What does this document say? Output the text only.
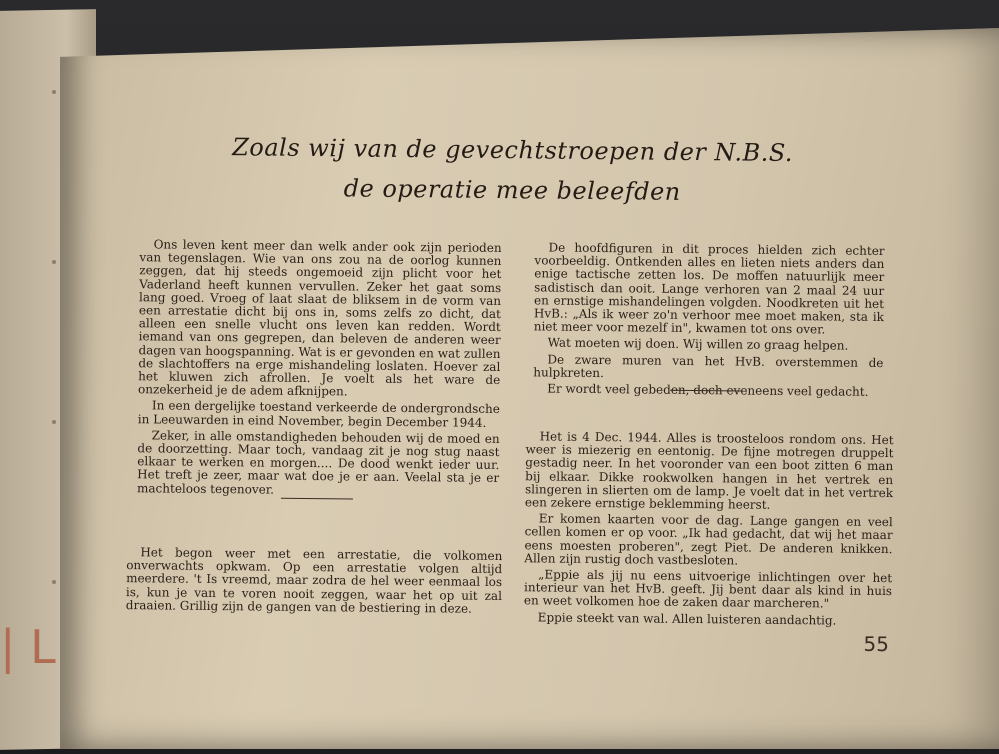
| L
Zoals wij van de gevechtstroepen der N.B.S.
de operatie mee beleefden

Ons leven kent meer dan welk ander ook zijn perioden van tegenslagen. Wie van ons zou na de oorlog kunnen zeggen, dat hij steeds ongemoeid zijn plicht voor het Vaderland heeft kunnen vervullen. Zeker het gaat soms lang goed. Vroeg of laat slaat de bliksem in de vorm van een arrestatie dicht bij ons in, soms zelfs zo dicht, dat alleen een snelle vlucht ons leven kan redden. Wordt iemand van ons gegrepen, dan beleven de anderen weer dagen van hoogspanning. Wat is er gevonden en wat zullen de slachtoffers na erge mishandeling loslaten. Hoever zal het kluwen zich afrollen. Je voelt als het ware de onzekerheid je de adem afknijpen.

In een dergelijke toestand verkeerde de ondergrondsche in Leeuwarden in eind November, begin December 1944.

Zeker, in alle omstandigheden behouden wij de moed en de doorzetting. Maar toch, vandaag zit je nog stug naast elkaar te werken en morgen.... De dood wenkt ieder uur. Het treft je zeer, maar wat doe je er aan. Veelal sta je er machteloos tegenover.

Het begon weer met een arrestatie, die volkomen onverwachts opkwam. Op een arrestatie volgen altijd meerdere. 't Is vreemd, maar zodra de hel weer eenmaal los is, kun je van te voren nooit zeggen, waar het op uit zal draaien. Grillig zijn de gangen van de bestiering in deze.

De hoofdfiguren in dit proces hielden zich echter voorbeeldig. Ontkenden alles en lieten niets anders dan enige tactische zetten los. De moffen natuurlijk meer sadistisch dan ooit. Lange verhoren van 2 maal 24 uur en ernstige mishandelingen volgden. Noodkreten uit het HvB.: „Als ik weer zo'n verhoor mee moet maken, sta ik niet meer voor mezelf in", kwamen tot ons over.

Wat moeten wij doen. Wij willen zo graag helpen.

De zware muren van het HvB. overstemmen de hulpkreten.

Er wordt veel gebeden, doch eveneens veel gedacht.

Het is 4 Dec. 1944. Alles is troosteloos rondom ons. Het weer is miezerig en eentonig. De fijne motregen druppelt gestadig neer. In het vooronder van een boot zitten 6 man bij elkaar. Dikke rookwolken hangen in het vertrek en slingeren in slierten om de lamp. Je voelt dat in het vertrek een zekere ernstige beklemming heerst.

Er komen kaarten voor de dag. Lange gangen en veel cellen komen er op voor. „Ik had gedacht, dat wij het maar eens moesten proberen", zegt Piet. De anderen knikken. Allen zijn rustig doch vastbesloten.

„Eppie als jij nu eens uitvoerige inlichtingen over het interieur van het HvB. geeft. Jij bent daar als kind in huis en weet volkomen hoe de zaken daar marcheren."

Eppie steekt van wal. Allen luisteren aandachtig.

55
